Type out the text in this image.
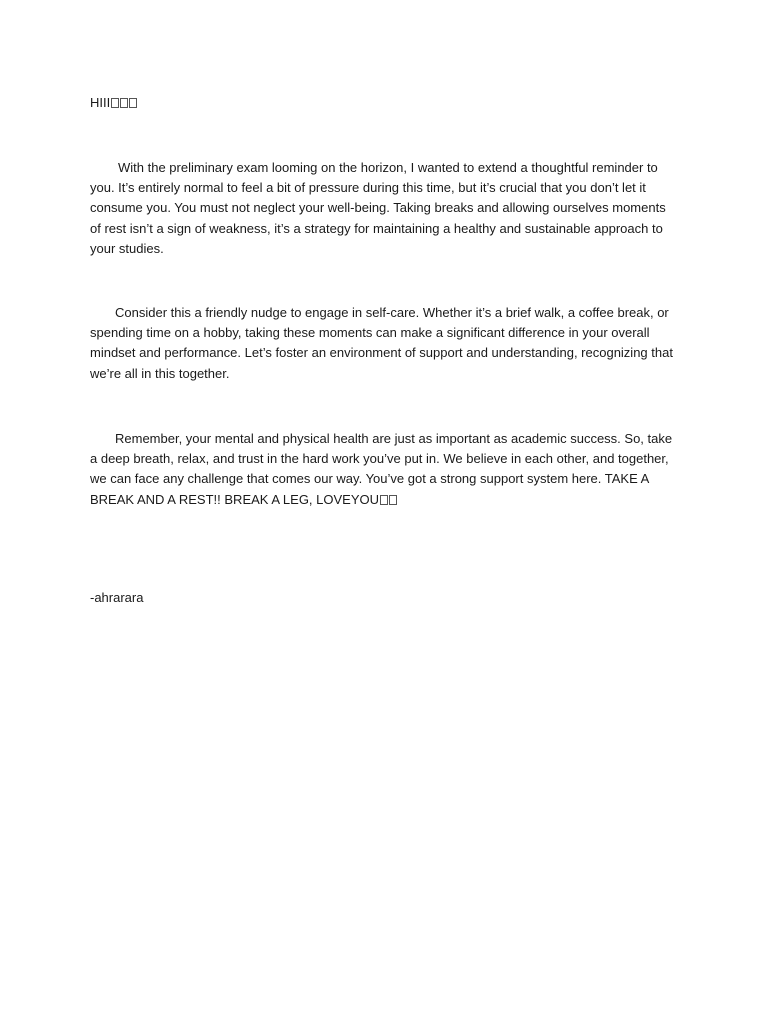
HIII

With the preliminary exam looming on the horizon, I wanted to extend a thoughtful reminder to you. It’s entirely normal to feel a bit of pressure during this time, but it’s crucial that you don’t let it consume you. You must not neglect your well-being. Taking breaks and allowing ourselves moments of rest isn’t a sign of weakness, it’s a strategy for maintaining a healthy and sustainable approach to your studies.

Consider this a friendly nudge to engage in self-care. Whether it’s a brief walk, a coffee break, or spending time on a hobby, taking these moments can make a significant difference in your overall mindset and performance. Let’s foster an environment of support and understanding, recognizing that we’re all in this together.

Remember, your mental and physical health are just as important as academic success. So, take a deep breath, relax, and trust in the hard work you’ve put in. We believe in each other, and together, we can face any challenge that comes our way. You’ve got a strong support system here. TAKE A BREAK AND A REST!! BREAK A LEG, LOVEYOU

-ahrarara
